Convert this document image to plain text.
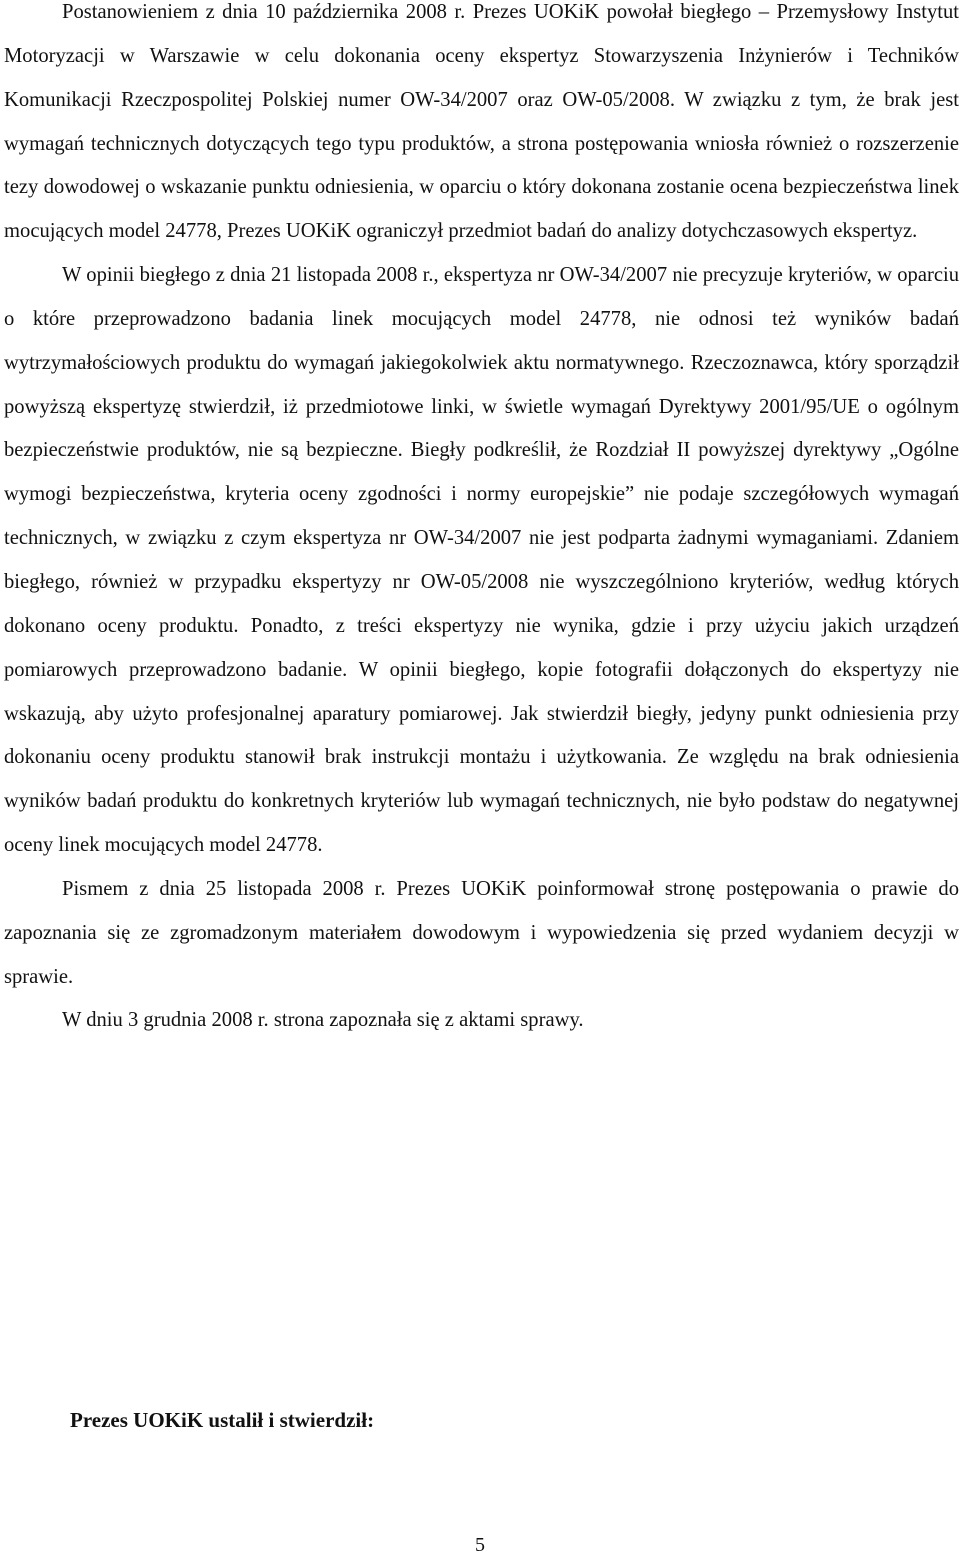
Postanowieniem z dnia 10 października 2008 r. Prezes UOKiK powołał biegłego – Przemysłowy Instytut Motoryzacji w Warszawie w celu dokonania oceny ekspertyz Stowarzyszenia Inżynierów i Techników Komunikacji Rzeczpospolitej Polskiej numer OW-34/2007 oraz OW-05/2008. W związku z tym, że brak jest wymagań technicznych dotyczących tego typu produktów, a strona postępowania wniosła również o rozszerzenie tezy dowodowej o wskazanie punktu odniesienia, w oparciu o który dokonana zostanie ocena bezpieczeństwa linek mocujących model 24778, Prezes UOKiK ograniczył przedmiot badań do analizy dotychczasowych ekspertyz.

W opinii biegłego z dnia 21 listopada 2008 r., ekspertyza nr OW-34/2007 nie precyzuje kryteriów, w oparciu o które przeprowadzono badania linek mocujących model 24778, nie odnosi też wyników badań wytrzymałościowych produktu do wymagań jakiegokolwiek aktu normatywnego. Rzeczoznawca, który sporządził powyższą ekspertyzę stwierdził, iż przedmiotowe linki, w świetle wymagań Dyrektywy 2001/95/UE o ogólnym bezpieczeństwie produktów, nie są bezpieczne. Biegły podkreślił, że Rozdział II powyższej dyrektywy „Ogólne wymogi bezpieczeństwa, kryteria oceny zgodności i normy europejskie” nie podaje szczegółowych wymagań technicznych, w związku z czym ekspertyza nr OW-34/2007 nie jest podparta żadnymi wymaganiami. Zdaniem biegłego, również w przypadku ekspertyzy nr OW-05/2008 nie wyszczególniono kryteriów, według których dokonano oceny produktu. Ponadto, z treści ekspertyzy nie wynika, gdzie i przy użyciu jakich urządzeń pomiarowych przeprowadzono badanie. W opinii biegłego, kopie fotografii dołączonych do ekspertyzy nie wskazują, aby użyto profesjonalnej aparatury pomiarowej. Jak stwierdził biegły, jedyny punkt odniesienia przy dokonaniu oceny produktu stanowił brak instrukcji montażu i użytkowania. Ze względu na brak odniesienia wyników badań produktu do konkretnych kryteriów lub wymagań technicznych, nie było podstaw do negatywnej oceny linek mocujących model 24778.

Pismem z dnia 25 listopada 2008 r. Prezes UOKiK poinformował stronę postępowania o prawie do zapoznania się ze zgromadzonym materiałem dowodowym i wypowiedzenia się przed wydaniem decyzji w sprawie.

W dniu 3 grudnia 2008 r. strona zapoznała się z aktami sprawy.

Prezes UOKiK ustalił i stwierdził:
5
